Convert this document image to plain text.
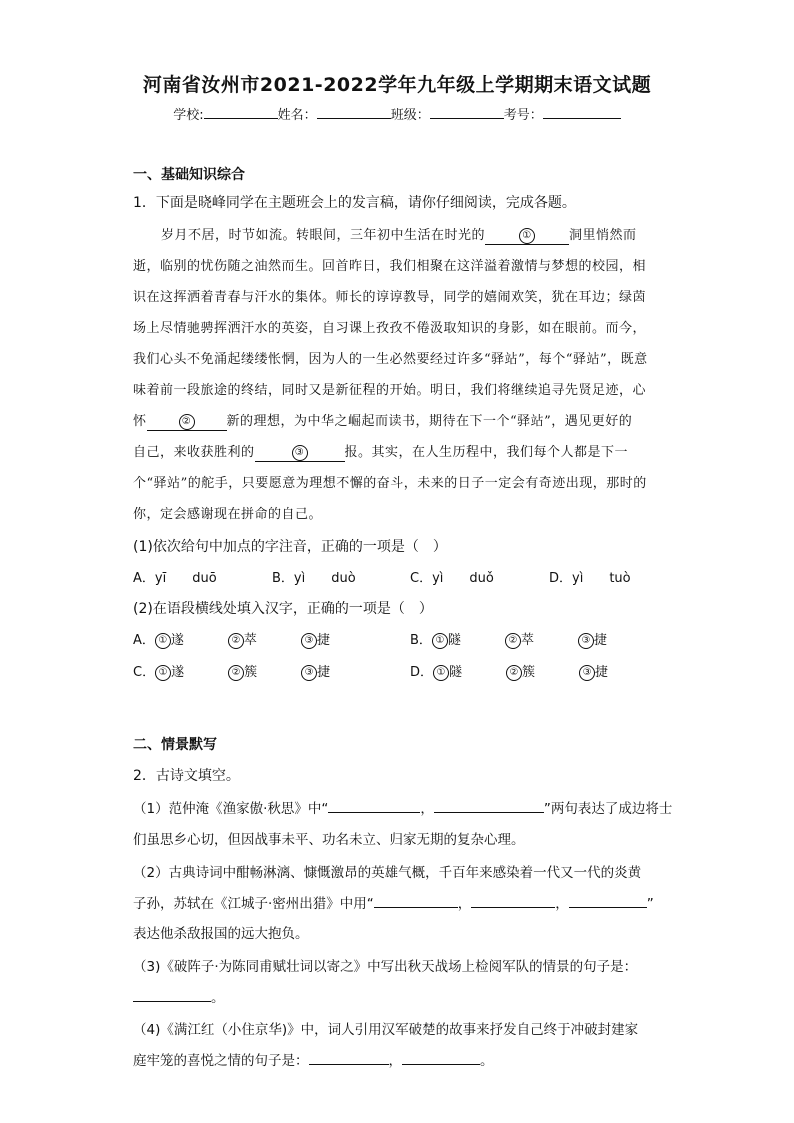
河南省汝州市2021-2022学年九年级上学期期末语文试题
学校:	姓名：	班级：	考号：
一、基础知识综合
1．下面是晓峰同学在主题班会上的发言稿，请你仔细阅读，完成各题。
岁月不居，时节如流。转眼间，三年初中生活在时光的	①	洞里悄然而
逝，临别的忧伤随之油然而生。回首昨日，我们相聚在这洋溢着激情与梦想的校园，相
识在这挥洒着青春与汗水的集体。师长的谆谆教导，同学的嬉闹欢笑，犹在耳边；绿茵
场上尽情驰骋挥洒汗水的英姿，自习课上孜孜不倦汲取知识的身影，如在眼前。而今，
我们心头不免涌起缕缕怅惘，因为人的一生必然要经过许多“驿站”，每个“驿站”，既意
味着前一段旅途的终结，同时又是新征程的开始。明日，我们将继续追寻先贤足迹，心
怀	②	新的理想，为中华之崛起而读书，期待在下一个“驿站”，遇见更好的
自己，来收获胜利的	③	报。其实，在人生历程中，我们每个人都是下一
个“驿站”的舵手，只要愿意为理想不懈的奋斗，未来的日子一定会有奇迹出现，那时的
你，定会感谢现在拼命的自己。
(1)依次给句中加点的字注音，正确的一项是（　）
A．yī　　duō	B．yì　　duò	C．yì　　duǒ	D．yì　　tuò
(2)在语段横线处填入汉字，正确的一项是（　）
A． ① 遂	② 萃	③ 捷	B． ① 隧	② 萃	③ 捷
C． ① 遂	② 簇	③ 捷	D． ① 隧	② 簇	③ 捷
二、情景默写
2．古诗文填空。
（1）范仲淹《渔家傲·秋思》中“	，	”两句表达了成边将士
们虽思乡心切，但因战事未平、功名未立、归家无期的复杂心理。
（2）古典诗词中酣畅淋漓、慷慨激昂的英雄气概，千百年来感染着一代又一代的炎黄
子孙，苏轼在《江城子·密州出猎》中用“	，	，	”
表达他杀敌报国的远大抱负。
（3)《破阵子·为陈同甫赋壮词以寄之》中写出秋天战场上检阅军队的情景的句子是：
。
（4)《满江红（小住京华)》中，词人引用汉军破楚的故事来抒发自己终于冲破封建家
庭牢笼的喜悦之情的句子是：	，	。
